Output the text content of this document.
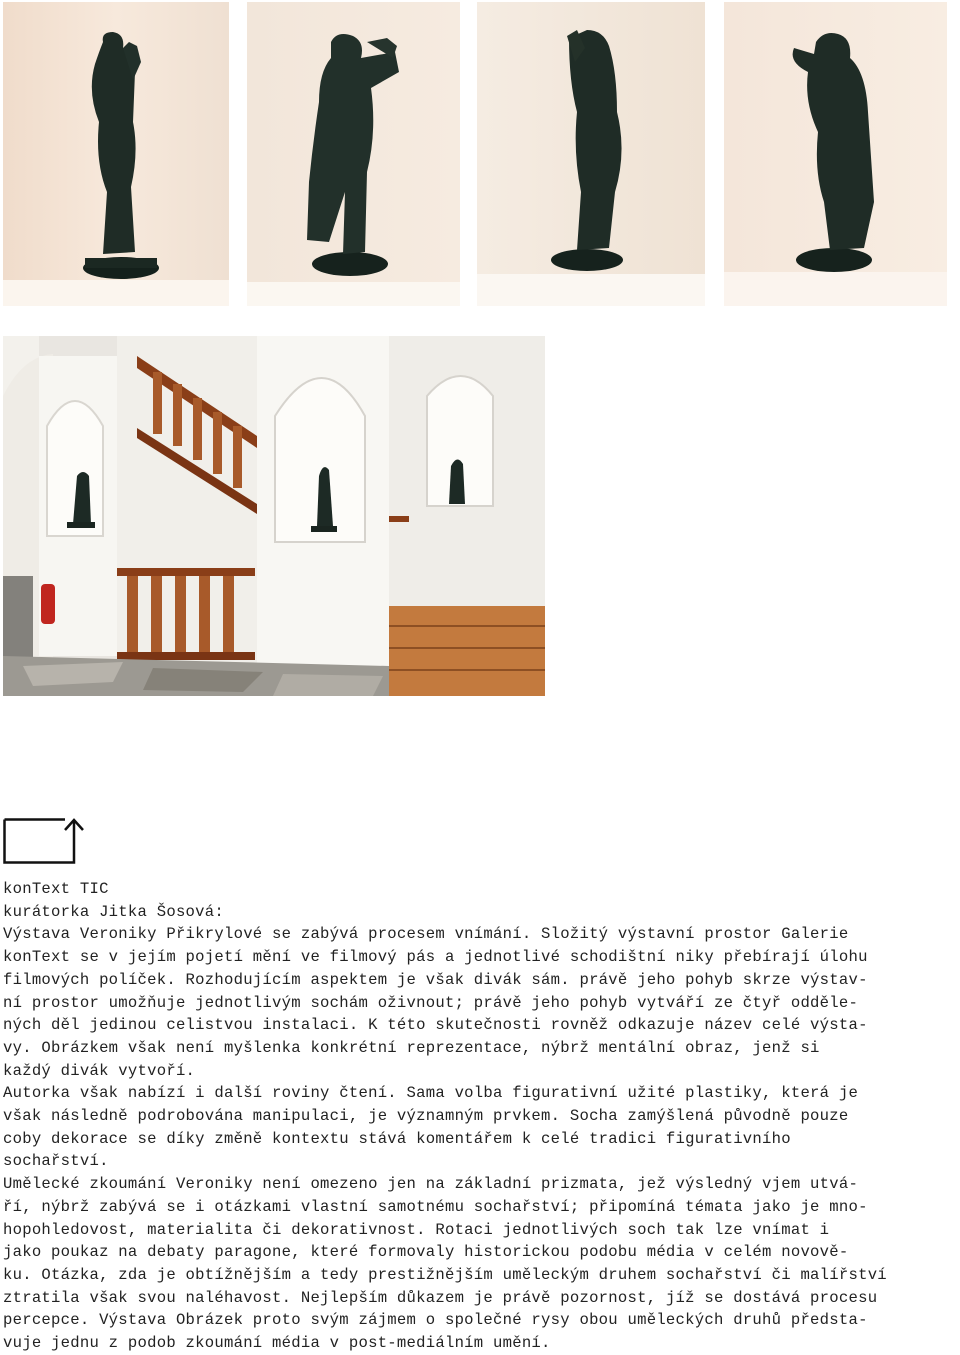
konText TIC

kurátorka Jitka Šosová:

Výstava Veroniky Přikrylové se zabývá procesem vnímání. Složitý výstavní prostor Galerie

konText se v jejím pojetí mění ve filmový pás a jednotlivé schodištní niky přebírají úlohu

filmových políček. Rozhodujícím aspektem je však divák sám. právě jeho pohyb skrze výstav-

ní prostor umožňuje jednotlivým sochám oživnout; právě jeho pohyb vytváří ze čtyř odděle-

ných děl jedinou celistvou instalaci. K této skutečnosti rovněž odkazuje název celé výsta-

vy. Obrázkem však není myšlenka konkrétní reprezentace, nýbrž mentální obraz, jenž si

každý divák vytvoří.

Autorka však nabízí i další roviny čtení. Sama volba figurativní užité plastiky, která je

však následně podrobována manipulaci, je významným prvkem. Socha zamýšlená původně pouze

coby dekorace se díky změně kontextu stává komentářem k celé tradici figurativního

sochařství.

Umělecké zkoumání Veroniky není omezeno jen na základní prizmata, jež výsledný vjem utvá-

ří, nýbrž zabývá se i otázkami vlastní samotnému sochařství; připomíná témata jako je mno-

hopohledovost, materialita či dekorativnost. Rotaci jednotlivých soch tak lze vnímat i

jako poukaz na debaty paragone, které formovaly historickou podobu média v celém novově-

ku. Otázka, zda je obtížnějším a tedy prestižnějším uměleckým druhem sochařství či malířství

ztratila však svou naléhavost. Nejlepším důkazem je právě pozornost, jíž se dostává procesu

percepce. Výstava Obrázek proto svým zájmem o společné rysy obou uměleckých druhů předsta-

vuje jednu z podob zkoumání média v post-mediálním umění.
